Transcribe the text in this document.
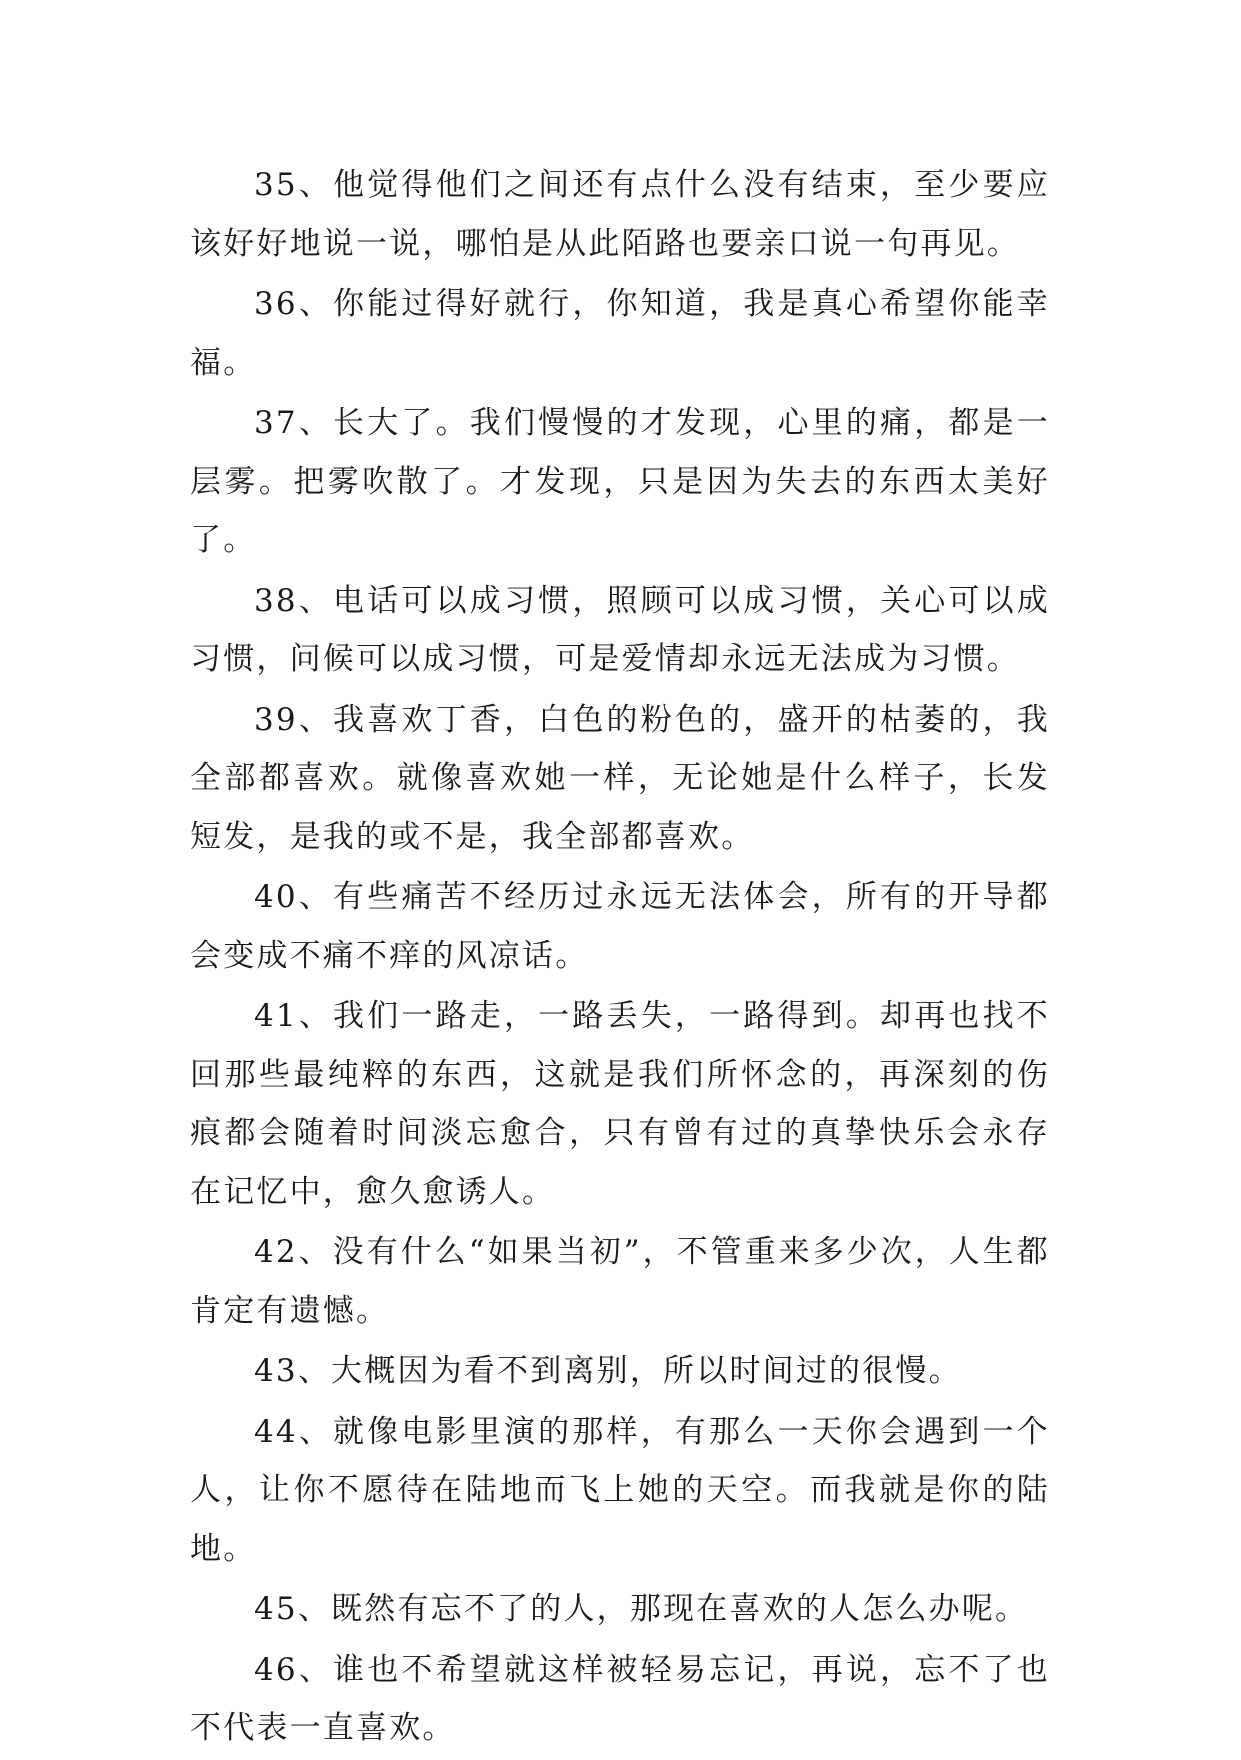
35、他觉得他们之间还有点什么没有结束，至少要应该好好地说一说，哪怕是从此陌路也要亲口说一句再见。

36、你能过得好就行，你知道，我是真心希望你能幸福。

37、长大了。我们慢慢的才发现，心里的痛，都是一层雾。把雾吹散了。才发现，只是因为失去的东西太美好了。

38、电话可以成习惯，照顾可以成习惯，关心可以成习惯，问候可以成习惯，可是爱情却永远无法成为习惯。

39、我喜欢丁香，白色的粉色的，盛开的枯萎的，我全部都喜欢。就像喜欢她一样，无论她是什么样子，长发短发，是我的或不是，我全部都喜欢。

40、有些痛苦不经历过永远无法体会，所有的开导都会变成不痛不痒的风凉话。

41、我们一路走，一路丢失，一路得到。却再也找不回那些最纯粹的东西，这就是我们所怀念的，再深刻的伤痕都会随着时间淡忘愈合，只有曾有过的真挚快乐会永存在记忆中，愈久愈诱人。

42、没有什么“如果当初”，不管重来多少次，人生都肯定有遗憾。

43、大概因为看不到离别，所以时间过的很慢。

44、就像电影里演的那样，有那么一天你会遇到一个人，让你不愿待在陆地而飞上她的天空。而我就是你的陆地。

45、既然有忘不了的人，那现在喜欢的人怎么办呢。

46、谁也不希望就这样被轻易忘记，再说，忘不了也不代表一直喜欢。
